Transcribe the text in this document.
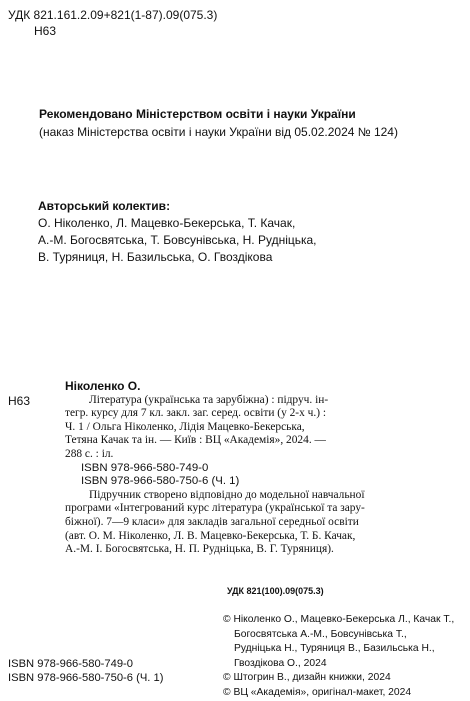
УДК 821.161.2.09+821(1-87).09(075.3)
Н63
Рекомендовано Міністерством освіти і науки України
(наказ Міністерства освіти і науки України від 05.02.2024 № 124)
Авторський колектив:
О. Ніколенко, Л. Мацевко-Бекерська, Т. Качак,
А.-М. Богосвятська, Т. Бовсунівська, Н. Рудніцька,
В. Туряниця, Н. Базильська, О. Гвоздікова
Н63
Ніколенко О.
Література (українська та зарубіжна) : підруч. ін-
тегр. курсу для 7 кл. закл. заг. серед. освіти (у 2-х ч.) :
Ч. 1 / Ольга Ніколенко, Лідія Мацевко-Бекерська,
Тетяна Качак та ін. — Київ : ВЦ «Академія», 2024. —
288 с. : іл.
ISBN 978-966-580-749-0
ISBN 978-966-580-750-6 (Ч. 1)
Підручник створено відповідно до модельної навчальної
програми «Інтегрований курс література (української та зару-
біжної). 7—9 класи» для закладів загальної середньої освіти
(авт. О. М. Ніколенко, Л. В. Мацевко-Бекерська, Т. Б. Качак,
А.-М. І. Богосвятська, Н. П. Рудніцька, В. Г. Туряниця).
УДК 821(100).09(075.3)
© Ніколенко О., Мацевко-Бекерська Л., Качак Т.,
Богосвятська А.-М., Бовсунівська Т.,
Рудніцька Н., Туряниця В., Базильська Н.,
Гвоздікова О., 2024
© Штогрин В., дизайн книжки, 2024
© ВЦ «Академія», оригінал-макет, 2024
ISBN 978-966-580-749-0
ISBN 978-966-580-750-6 (Ч. 1)
